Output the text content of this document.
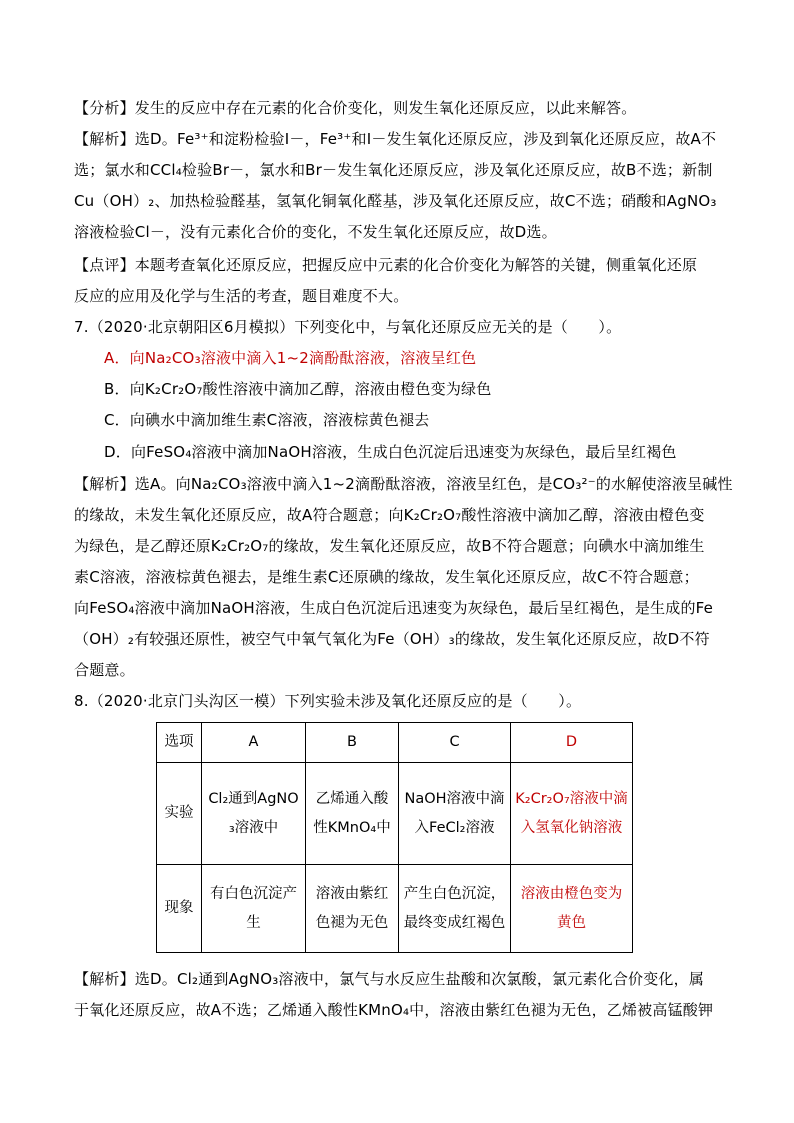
【分析】发生的反应中存在元素的化合价变化，则发生氧化还原反应，以此来解答。
【解析】选D。Fe³⁺和淀粉检验I－，Fe³⁺和I－发生氧化还原反应，涉及到氧化还原反应，故A不
选；氯水和CCl₄检验Br－，氯水和Br－发生氧化还原反应，涉及氧化还原反应，故B不选；新制
Cu（OH）₂、加热检验醛基，氢氧化铜氧化醛基，涉及氧化还原反应，故C不选；硝酸和AgNO₃
溶液检验Cl－，没有元素化合价的变化，不发生氧化还原反应，故D选。
【点评】本题考查氧化还原反应，把握反应中元素的化合价变化为解答的关键，侧重氧化还原
反应的应用及化学与生活的考查，题目难度不大。
7.（2020·北京朝阳区6月模拟）下列变化中，与氧化还原反应无关的是（　　）。
A．向Na₂CO₃溶液中滴入1~2滴酚酞溶液，溶液呈红色
B．向K₂Cr₂O₇酸性溶液中滴加乙醇，溶液由橙色变为绿色
C．向碘水中滴加维生素C溶液，溶液棕黄色褪去
D．向FeSO₄溶液中滴加NaOH溶液，生成白色沉淀后迅速变为灰绿色，最后呈红褐色
【解析】选A。向Na₂CO₃溶液中滴入1~2滴酚酞溶液，溶液呈红色，是CO₃²⁻的水解使溶液呈碱性
的缘故，未发生氧化还原反应，故A符合题意；向K₂Cr₂O₇酸性溶液中滴加乙醇，溶液由橙色变
为绿色，是乙醇还原K₂Cr₂O₇的缘故，发生氧化还原反应，故B不符合题意；向碘水中滴加维生
素C溶液，溶液棕黄色褪去，是维生素C还原碘的缘故，发生氧化还原反应，故C不符合题意；
向FeSO₄溶液中滴加NaOH溶液，生成白色沉淀后迅速变为灰绿色，最后呈红褐色，是生成的Fe
（OH）₂有较强还原性，被空气中氧气氧化为Fe（OH）₃的缘故，发生氧化还原反应，故D不符
合题意。
8.（2020·北京门头沟区一模）下列实验未涉及氧化还原反应的是（　　）。
选项	A	B	C	D
实验	Cl₂通到AgNO₃溶液中	乙烯通入酸性KMnO₄中	NaOH溶液中滴入FeCl₂溶液	K₂Cr₂O₇溶液中滴入氢氧化钠溶液
现象	有白色沉淀产生	溶液由紫红色褪为无色	产生白色沉淀，最终变成红褐色	溶液由橙色变为黄色
【解析】选D。Cl₂通到AgNO₃溶液中，氯气与水反应生盐酸和次氯酸，氯元素化合价变化，属
于氧化还原反应，故A不选；乙烯通入酸性KMnO₄中，溶液由紫红色褪为无色，乙烯被高锰酸钾
